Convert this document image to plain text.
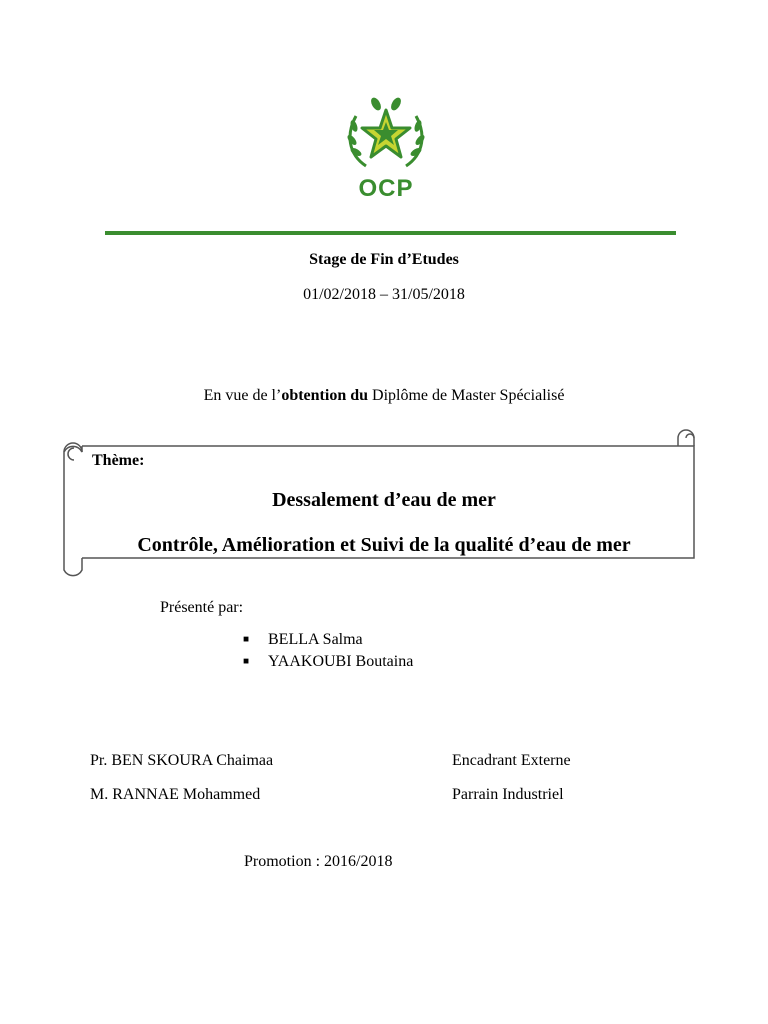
OCP
Stage de Fin d’Etudes
01/02/2018 – 31/05/2018
En vue de l’obtention du Diplôme de Master Spécialisé
Thème:
Dessalement d’eau de mer
Contrôle, Amélioration et Suivi de la qualité d’eau de mer
Présenté par:
■ BELLA Salma
■ YAAKOUBI Boutaina
Pr. BEN SKOURA Chaimaa	Encadrant Externe
M. RANNAE Mohammed	Parrain Industriel
Promotion : 2016/2018
